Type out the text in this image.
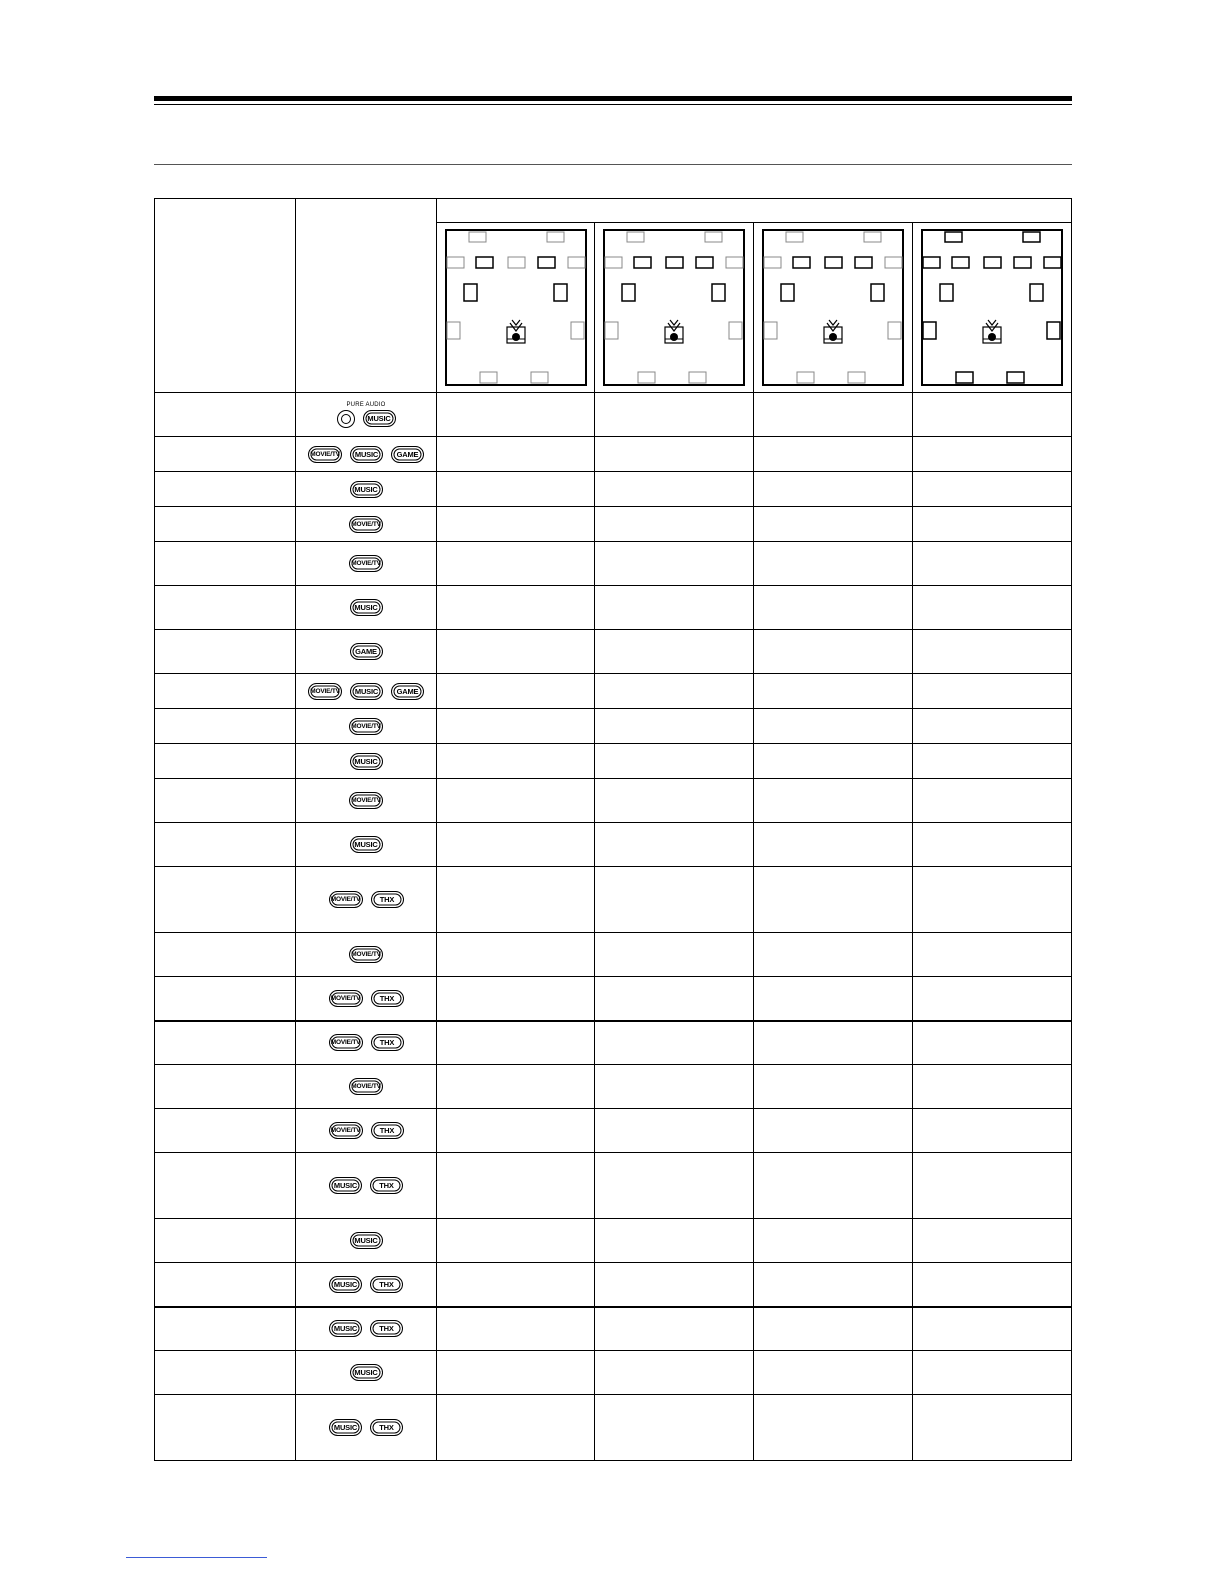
	PURE AUDIO
MUSIC				

MOVIE/TV MUSIC GAME				

MUSIC				

MOVIE/TV				

MOVIE/TV				

MUSIC				

GAME				

MOVIE/TV MUSIC GAME				

MOVIE/TV				

MUSIC				

MOVIE/TV				

MUSIC				

MOVIE/TV THX				

MOVIE/TV				

MOVIE/TV THX				

MOVIE/TV THX				

MOVIE/TV				

MOVIE/TV THX				

MUSIC THX				

MUSIC				

MUSIC THX				

MUSIC THX				

MUSIC				

MUSIC THX				
